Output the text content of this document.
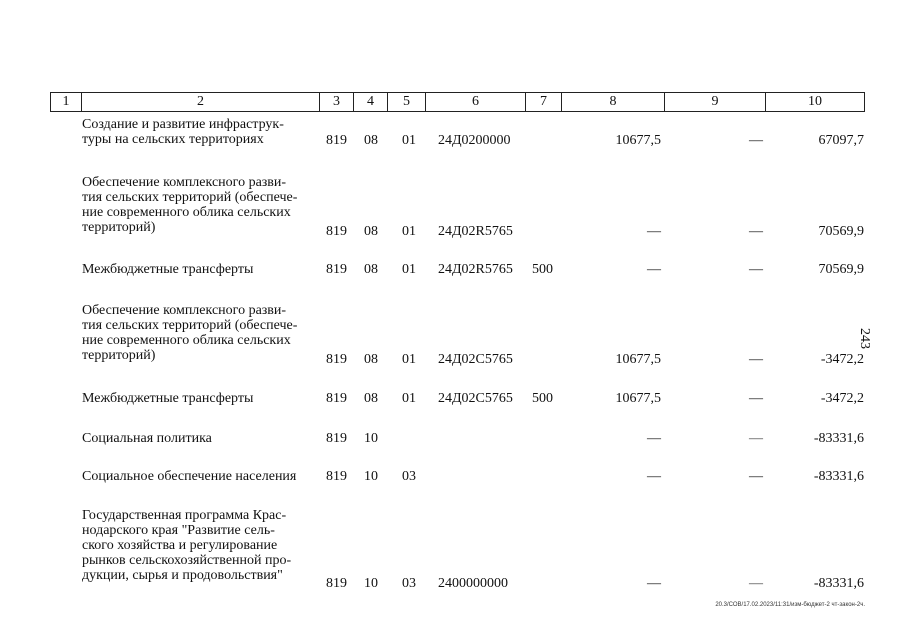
1	2	3	4	5	6	7	8	9	10
Создание и развитие инфраструк-
туры на сельских территориях	819 08 01 24Д0200000	10677,5	—	67097,7
Обеспечение комплексного разви-
тия сельских территорий (обеспече-
ние современного облика сельских
территорий)	819 08 01 24Д02R5765	—	—	70569,9
Межбюджетные трансферты	819 08 01 24Д02R5765 500	—	—	70569,9
Обеспечение комплексного разви-
тия сельских территорий (обеспече-
ние современного облика сельских
территорий)	819 08 01 24Д02С5765	10677,5	—	-3472,2
Межбюджетные трансферты	819 08 01 24Д02С5765 500	10677,5	—	-3472,2
Социальная политика	819 10	—	—	-83331,6
Социальное обеспечение населения	819 10 03	—	—	-83331,6
Государственная программа Крас-
нодарского края "Развитие сель-
ского хозяйства и регулирование
рынков сельскохозяйственной про-
дукции, сырья и продовольствия"
819 10 03 2400000000	—	—	-83331,6
243
20.3/СОВ/17.02.2023/11:31/изм-бюджет-2 чт-закон-2ч.
